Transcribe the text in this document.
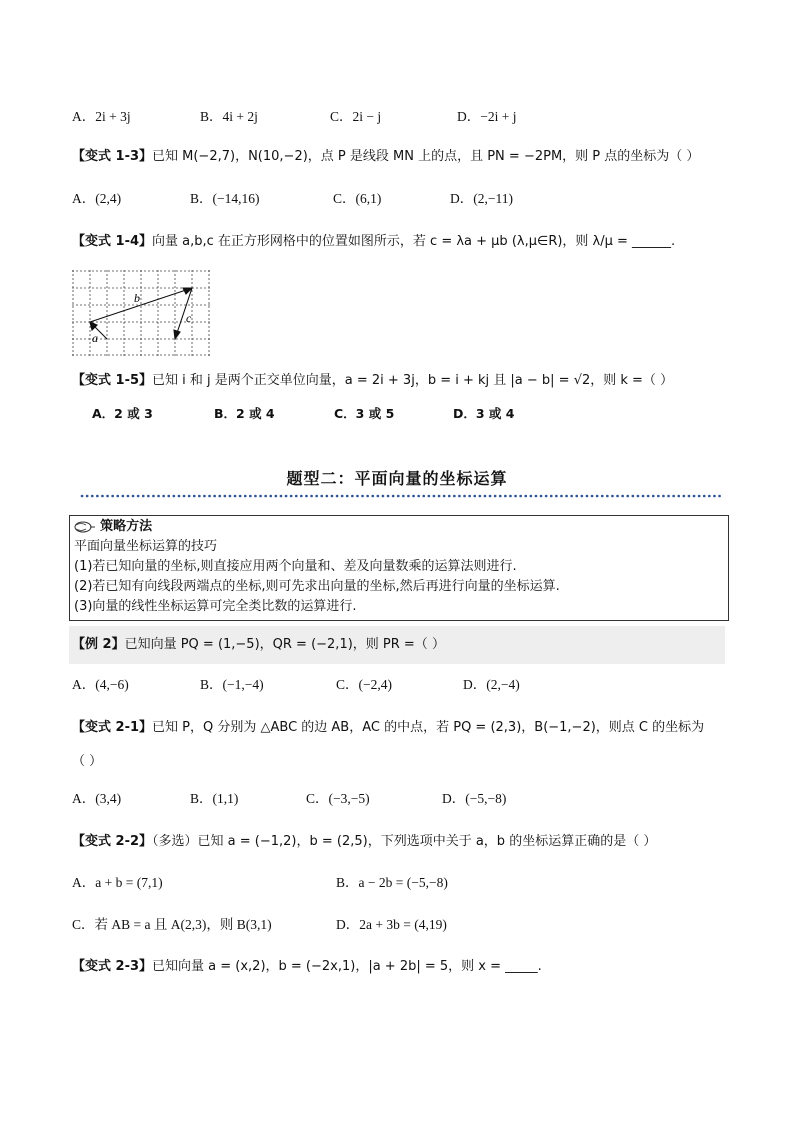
A．2i + 3j	B．4i + 2j	C．2i − j	D．−2i + j
【变式 1-3】已知 M(−2,7)，N(10,−2)，点 P 是线段 MN 上的点，且 PN = −2PM，则 P 点的坐标为（ ）
A．(2,4)	B．(−14,16)	C．(6,1)	D．(2,−11)
【变式 1-4】向量 a,b,c 在正方形网格中的位置如图所示，若 c = λa + μb (λ,μ∈R)，则 λ/μ = ______.
b
a
c
【变式 1-5】已知 i 和 j 是两个正交单位向量，a = 2i + 3j，b = i + kj 且 |a − b| = √2，则 k =（ ）
A．2 或 3	B．2 或 4	C．3 或 5	D．3 或 4
题型二：平面向量的坐标运算
策略方法
平面向量坐标运算的技巧
(1)若已知向量的坐标,则直接应用两个向量和、差及向量数乘的运算法则进行.
(2)若已知有向线段两端点的坐标,则可先求出向量的坐标,然后再进行向量的坐标运算.
(3)向量的线性坐标运算可完全类比数的运算进行.
【例 2】已知向量 PQ = (1,−5)，QR = (−2,1)，则 PR =（ ）
A．(4,−6)	B．(−1,−4)	C．(−2,4)	D．(2,−4)
【变式 2-1】已知 P，Q 分别为 △ABC 的边 AB，AC 的中点，若 PQ = (2,3)，B(−1,−2)，则点 C 的坐标为
（ ）
A．(3,4)	B．(1,1)	C．(−3,−5)	D．(−5,−8)
【变式 2-2】（多选）已知 a = (−1,2)，b = (2,5)，下列选项中关于 a，b 的坐标运算正确的是（ ）
A．a + b = (7,1)	B．a − 2b = (−5,−8)
C．若 AB = a 且 A(2,3)，则 B(3,1)	D．2a + 3b = (4,19)
【变式 2-3】已知向量 a = (x,2)，b = (−2x,1)，|a + 2b| = 5，则 x = _____.
